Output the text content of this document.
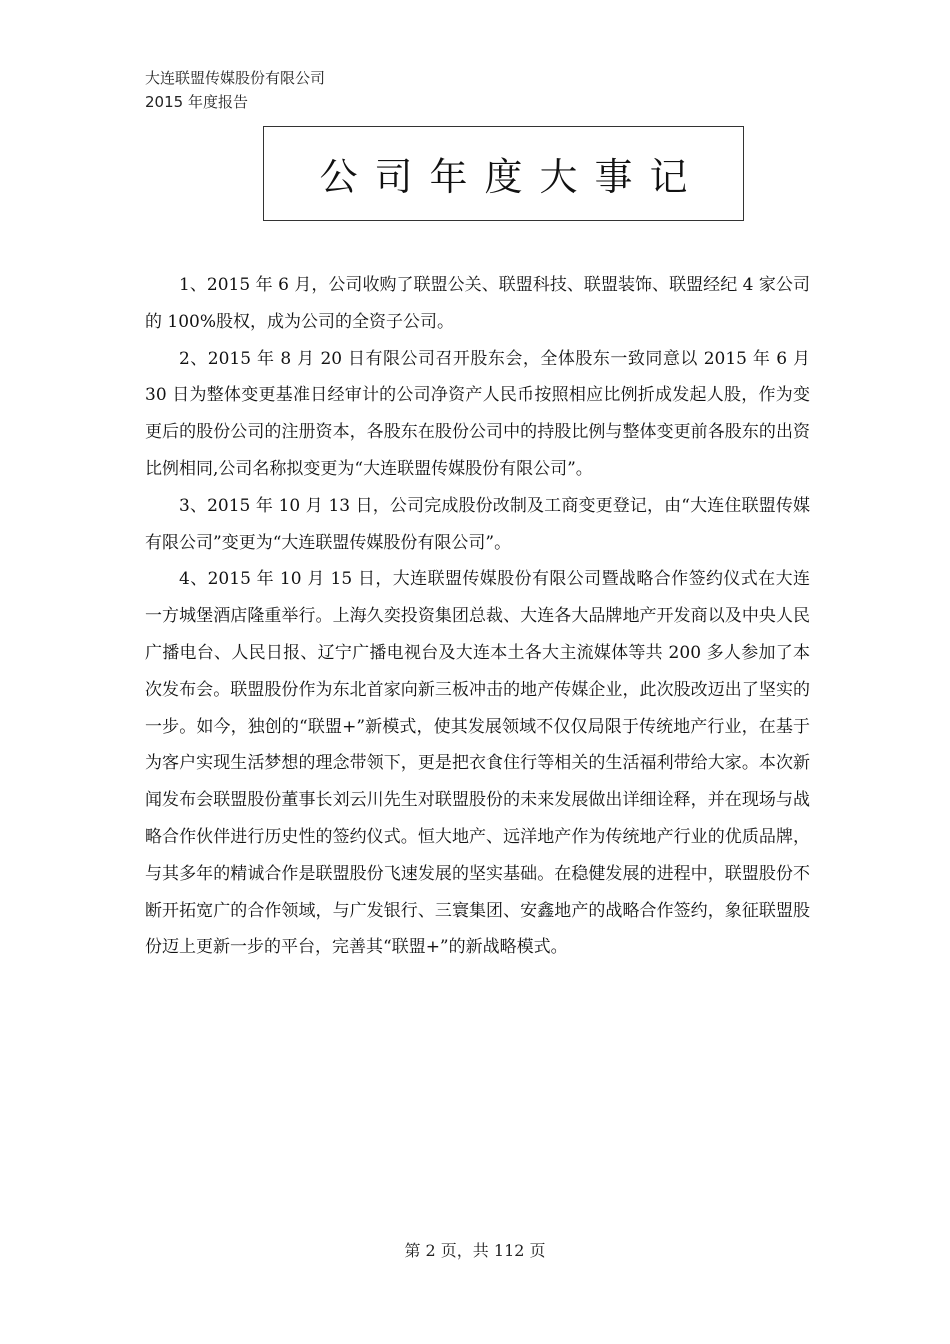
大连联盟传媒股份有限公司
2015 年度报告
公司年度大事记

1、2015 年 6 月，公司收购了联盟公关、联盟科技、联盟装饰、联盟经纪 4 家公司的 100%股权，成为公司的全资子公司。

2、2015 年 8 月 20 日有限公司召开股东会，全体股东一致同意以 2015 年 6 月 30 日为整体变更基准日经审计的公司净资产人民币按照相应比例折成发起人股，作为变更后的股份公司的注册资本，各股东在股份公司中的持股比例与整体变更前各股东的出资比例相同,公司名称拟变更为“大连联盟传媒股份有限公司”。

3、2015 年 10 月 13 日，公司完成股份改制及工商变更登记，由“大连住联盟传媒有限公司”变更为“大连联盟传媒股份有限公司”。

4、2015 年 10 月 15 日，大连联盟传媒股份有限公司暨战略合作签约仪式在大连一方城堡酒店隆重举行。上海久奕投资集团总裁、大连各大品牌地产开发商以及中央人民广播电台、人民日报、辽宁广播电视台及大连本土各大主流媒体等共 200 多人参加了本次发布会。联盟股份作为东北首家向新三板冲击的地产传媒企业，此次股改迈出了坚实的一步。如今，独创的“联盟+”新模式，使其发展领域不仅仅局限于传统地产行业，在基于为客户实现生活梦想的理念带领下，更是把衣食住行等相关的生活福利带给大家。本次新闻发布会联盟股份董事长刘云川先生对联盟股份的未来发展做出详细诠释，并在现场与战略合作伙伴进行历史性的签约仪式。恒大地产、远洋地产作为传统地产行业的优质品牌，与其多年的精诚合作是联盟股份飞速发展的坚实基础。在稳健发展的进程中，联盟股份不断开拓宽广的合作领域，与广发银行、三寰集团、安鑫地产的战略合作签约，象征联盟股份迈上更新一步的平台，完善其“联盟+”的新战略模式。

第 2 页，共 112 页
